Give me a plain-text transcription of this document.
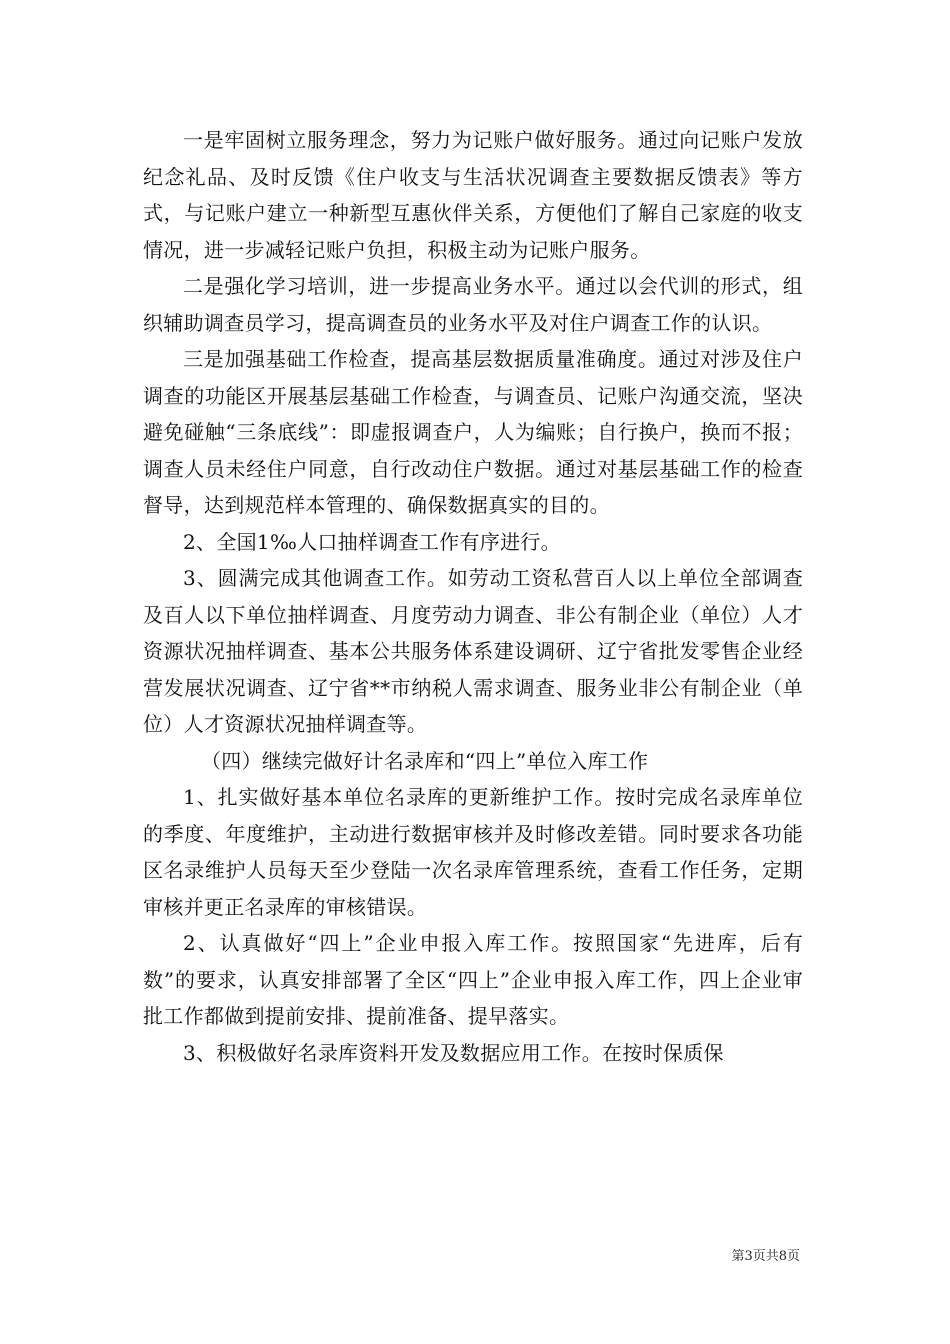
一是牢固树立服务理念，努力为记账户做好服务。通过向记账户发放纪念礼品、及时反馈《住户收支与生活状况调查主要数据反馈表》等方式，与记账户建立一种新型互惠伙伴关系，方便他们了解自己家庭的收支情况，进一步减轻记账户负担，积极主动为记账户服务。

二是强化学习培训，进一步提高业务水平。通过以会代训的形式，组织辅助调查员学习，提高调查员的业务水平及对住户调查工作的认识。

三是加强基础工作检查，提高基层数据质量准确度。通过对涉及住户调查的功能区开展基层基础工作检查，与调查员、记账户沟通交流，坚决避免碰触“三条底线”：即虚报调查户，人为编账；自行换户，换而不报；调查人员未经住户同意，自行改动住户数据。通过对基层基础工作的检查督导，达到规范样本管理的、确保数据真实的目的。

2、全国1‰人口抽样调查工作有序进行。

3、圆满完成其他调查工作。如劳动工资私营百人以上单位全部调查及百人以下单位抽样调查、月度劳动力调查、非公有制企业（单位）人才资源状况抽样调查、基本公共服务体系建设调研、辽宁省批发零售企业经营发展状况调查、辽宁省**市纳税人需求调查、服务业非公有制企业（单位）人才资源状况抽样调查等。

（四）继续完做好计名录库和“四上”单位入库工作

1、扎实做好基本单位名录库的更新维护工作。按时完成名录库单位的季度、年度维护，主动进行数据审核并及时修改差错。同时要求各功能区名录维护人员每天至少登陆一次名录库管理系统，查看工作任务，定期审核并更正名录库的审核错误。

2、认真做好“四上”企业申报入库工作。按照国家“先进库，后有数”的要求，认真安排部署了全区“四上”企业申报入库工作，四上企业审批工作都做到提前安排、提前准备、提早落实。

3、积极做好名录库资料开发及数据应用工作。在按时保质保

第3页共8页
